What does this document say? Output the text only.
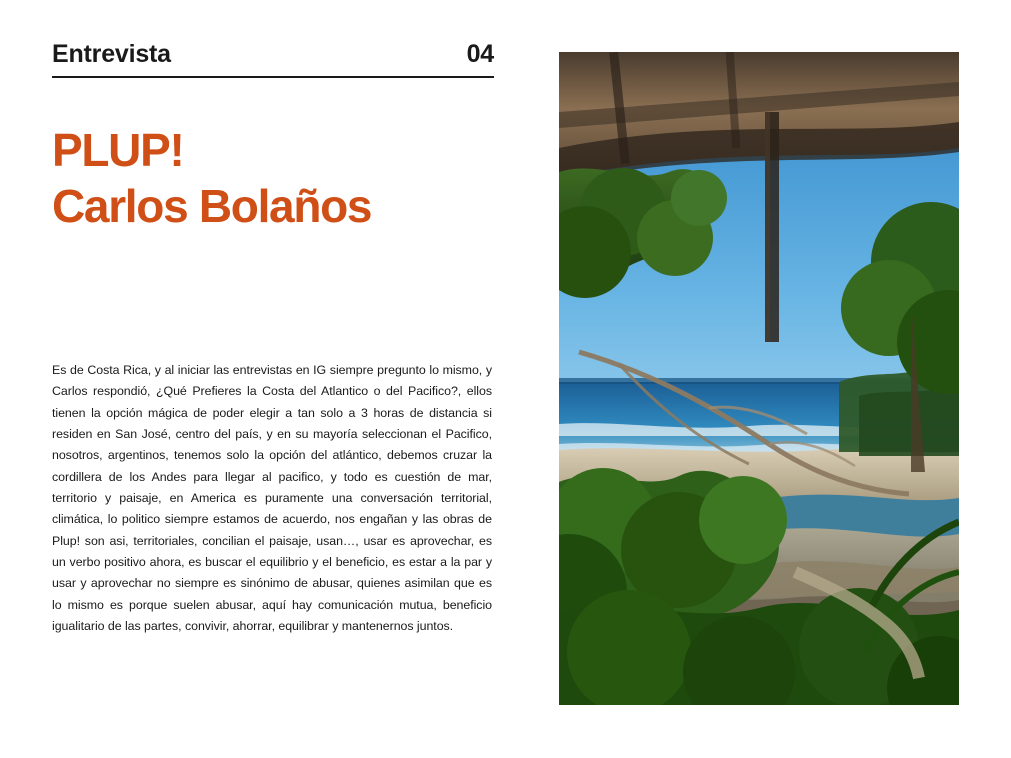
Entrevista	04
PLUP!
Carlos Bolaños
Es de Costa Rica, y al iniciar las entrevistas en IG siempre pregunto lo mismo, y Carlos respondió, ¿Qué Prefieres la Costa del Atlantico o del Pacifico?, ellos tienen la opción mágica de poder elegir a tan solo a 3 horas de distancia si residen en San José, centro del país, y en su mayoría seleccionan el Pacifico, nosotros, argentinos, tenemos solo la opción del atlántico, debemos cruzar la cordillera de los Andes para llegar al pacifico, y todo es cuestión de mar, territorio y paisaje, en America es puramente una conversación territorial, climática, lo politico siempre estamos de acuerdo, nos engañan y las obras de Plup! son asi, territoriales, concilian el paisaje, usan…, usar es aprovechar, es un verbo positivo ahora, es buscar el equilibrio y el beneficio, es estar a la par y usar y aprovechar no siempre es sinónimo de abusar, quienes asimilan que es lo mismo es porque suelen abusar, aquí hay comunicación mutua, beneficio igualitario de las partes, convivir, ahorrar, equilibrar y mantenernos juntos.
